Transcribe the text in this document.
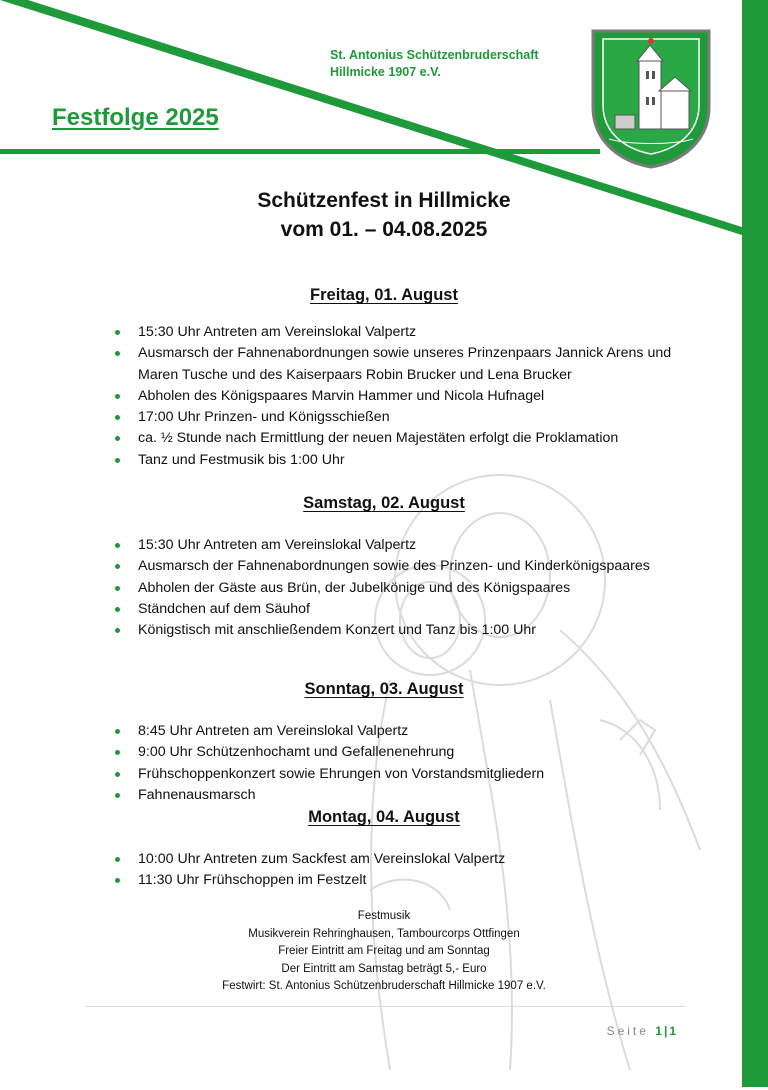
St. Antonius Schützenbruderschaft
Hillmicke 1907 e.V.
Festfolge 2025
Schützenfest in Hillmicke
vom 01. – 04.08.2025
Freitag, 01. August
15:30 Uhr Antreten am Vereinslokal Valpertz
Ausmarsch der Fahnenabordnungen sowie unseres Prinzenpaars Jannick Arens und Maren Tusche und des Kaiserpaars Robin Brucker und Lena Brucker
Abholen des Königspaares Marvin Hammer und Nicola Hufnagel
17:00 Uhr Prinzen- und Königsschießen
ca. ½ Stunde nach Ermittlung der neuen Majestäten erfolgt die Proklamation
Tanz und Festmusik bis 1:00 Uhr
Samstag, 02. August
15:30 Uhr Antreten am Vereinslokal Valpertz
Ausmarsch der Fahnenabordnungen sowie des Prinzen- und Kinderkönigspaares
Abholen der Gäste aus Brün, der Jubelkönige und des Königspaares
Ständchen auf dem Säuhof
Königstisch mit anschließendem Konzert und Tanz bis 1:00 Uhr
Sonntag, 03. August
8:45 Uhr Antreten am Vereinslokal Valpertz
9:00 Uhr Schützenhochamt und Gefallenenehrung
Frühschoppenkonzert sowie Ehrungen von Vorstandsmitgliedern
Fahnenausmarsch
Montag, 04. August
10:00 Uhr Antreten zum Sackfest am Vereinslokal Valpertz
11:30 Uhr Frühschoppen im Festzelt
Festmusik
Musikverein Rehringhausen, Tambourcorps Ottfingen
Freier Eintritt am Freitag und am Sonntag
Der Eintritt am Samstag beträgt 5,- Euro
Festwirt: St. Antonius Schützenbruderschaft Hillmicke 1907 e.V.
Seite 1|1
